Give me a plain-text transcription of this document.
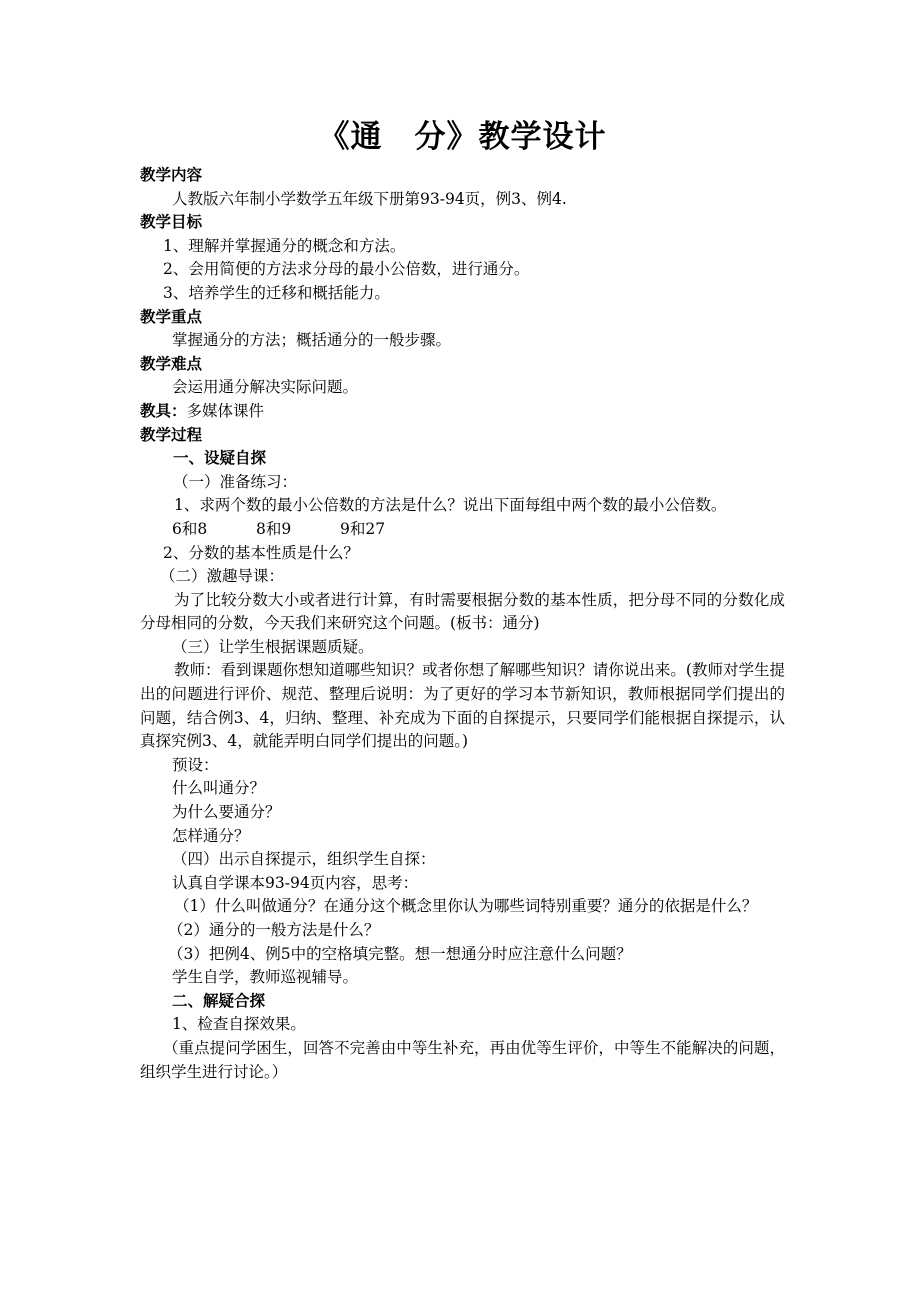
《通　分》教学设计
教学内容
人教版六年制小学数学五年级下册第93-94页，例3、例4.
教学目标
1、理解并掌握通分的概念和方法。
2、会用简便的方法求分母的最小公倍数，进行通分。
3、培养学生的迁移和概括能力。
教学重点
掌握通分的方法；概括通分的一般步骤。
教学难点
会运用通分解决实际问题。
教具：多媒体课件
教学过程
一、设疑自探
（一）准备练习：
1、求两个数的最小公倍数的方法是什么？说出下面每组中两个数的最小公倍数。
6和8	8和9	9和27
2、分数的基本性质是什么？
（二）激趣导课：
为了比较分数大小或者进行计算，有时需要根据分数的基本性质，把分母不同的分数化成分母相同的分数，今天我们来研究这个问题。(板书：通分)
（三）让学生根据课题质疑。
教师：看到课题你想知道哪些知识？或者你想了解哪些知识？请你说出来。(教师对学生提出的问题进行评价、规范、整理后说明：为了更好的学习本节新知识，教师根据同学们提出的问题，结合例3、4，归纳、整理、补充成为下面的自探提示，只要同学们能根据自探提示，认真探究例3、4，就能弄明白同学们提出的问题。)
预设：
什么叫通分？
为什么要通分？
怎样通分？
（四）出示自探提示，组织学生自探：
认真自学课本93-94页内容，思考：
（1）什么叫做通分？在通分这个概念里你认为哪些词特别重要？通分的依据是什么？
（2）通分的一般方法是什么？
（3）把例4、例5中的空格填完整。想一想通分时应注意什么问题？
学生自学，教师巡视辅导。
二、解疑合探
1、检查自探效果。
（重点提问学困生，回答不完善由中等生补充，再由优等生评价，中等生不能解决的问题，组织学生进行讨论。）
